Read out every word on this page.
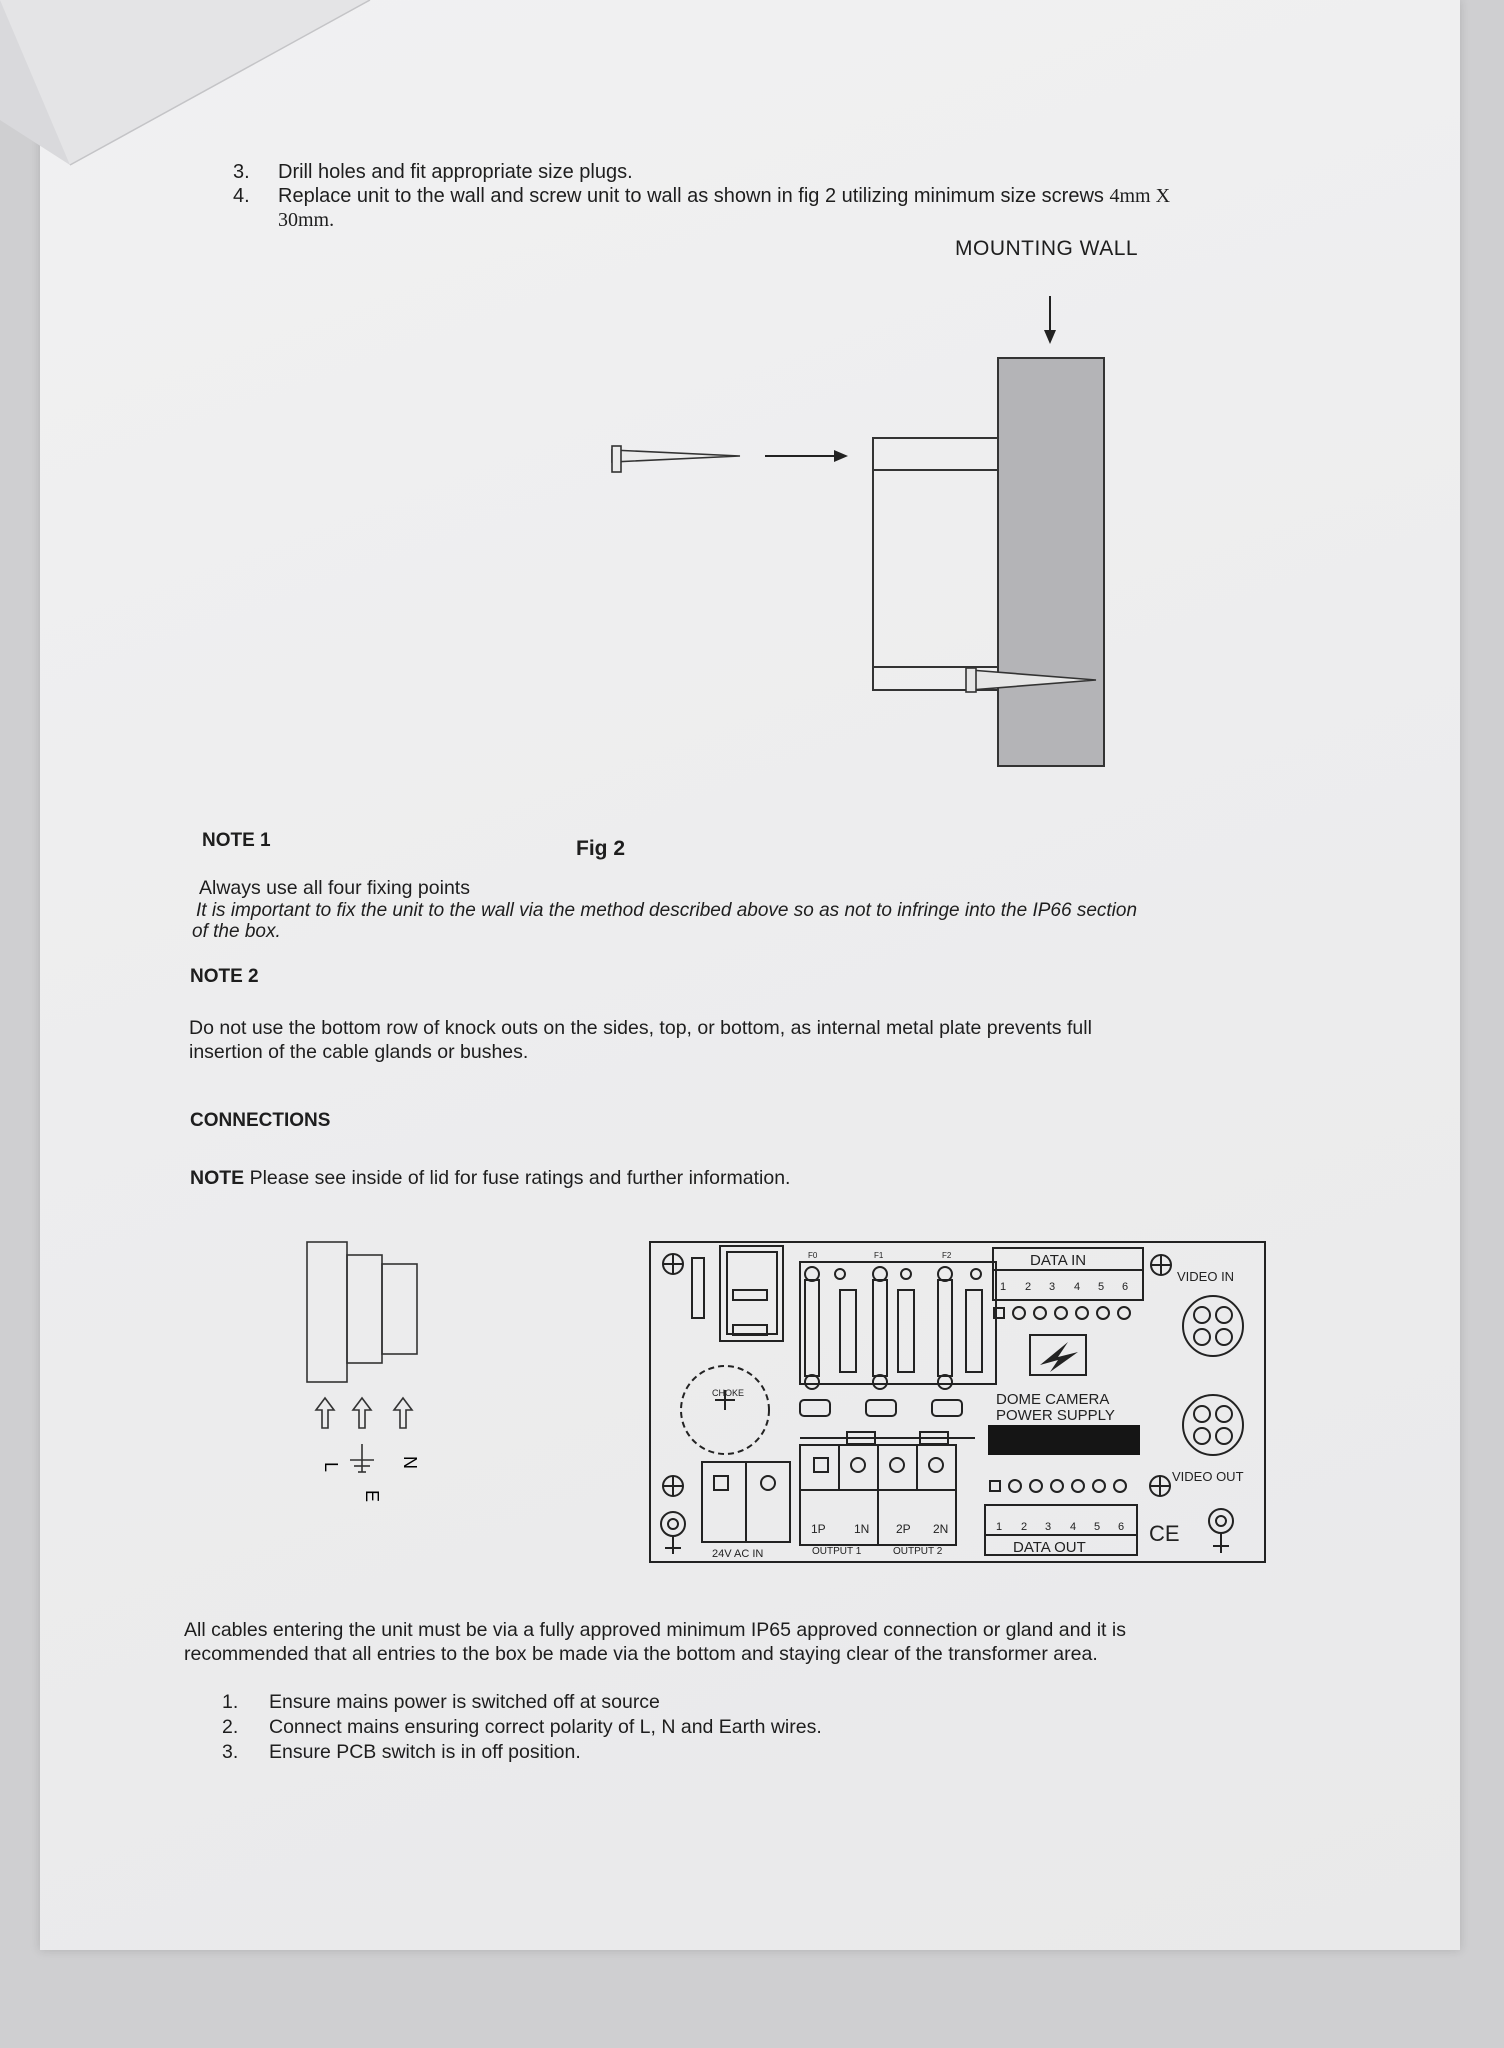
3.	Drill holes and fit appropriate size plugs.
4.	Replace unit to the wall and screw unit to wall as shown in fig 2 utilizing minimum size screws 4mm X
30mm.
MOUNTING WALL
NOTE 1	Fig 2
Always use all four fixing points
It is important to fix the unit to the wall via the method described above so as not to infringe into the IP66 section
of the box.
NOTE 2
Do not use the bottom row of knock outs on the sides, top, or bottom, as internal metal plate prevents full
insertion of the cable glands or bushes.
CONNECTIONS
NOTE Please see inside of lid for fuse ratings and further information.
L
E
N
DATA IN
VIDEO IN
VIDEO OUT
DOME CAMERA
POWER SUPPLY
CHOKE
24V AC IN
1P 1N 2P 2N
OUTPUT 1	OUTPUT 2	DATA OUT
CE
F0	F1	F2
1 2 3 4 5 6
1 2 3 4 5 6
All cables entering the unit must be via a fully approved minimum IP65 approved connection or gland and it is
recommended that all entries to the box be made via the bottom and staying clear of the transformer area.
1.	Ensure mains power is switched off at source
2.	Connect mains ensuring correct polarity of L, N and Earth wires.
3.	Ensure PCB switch is in off position.
